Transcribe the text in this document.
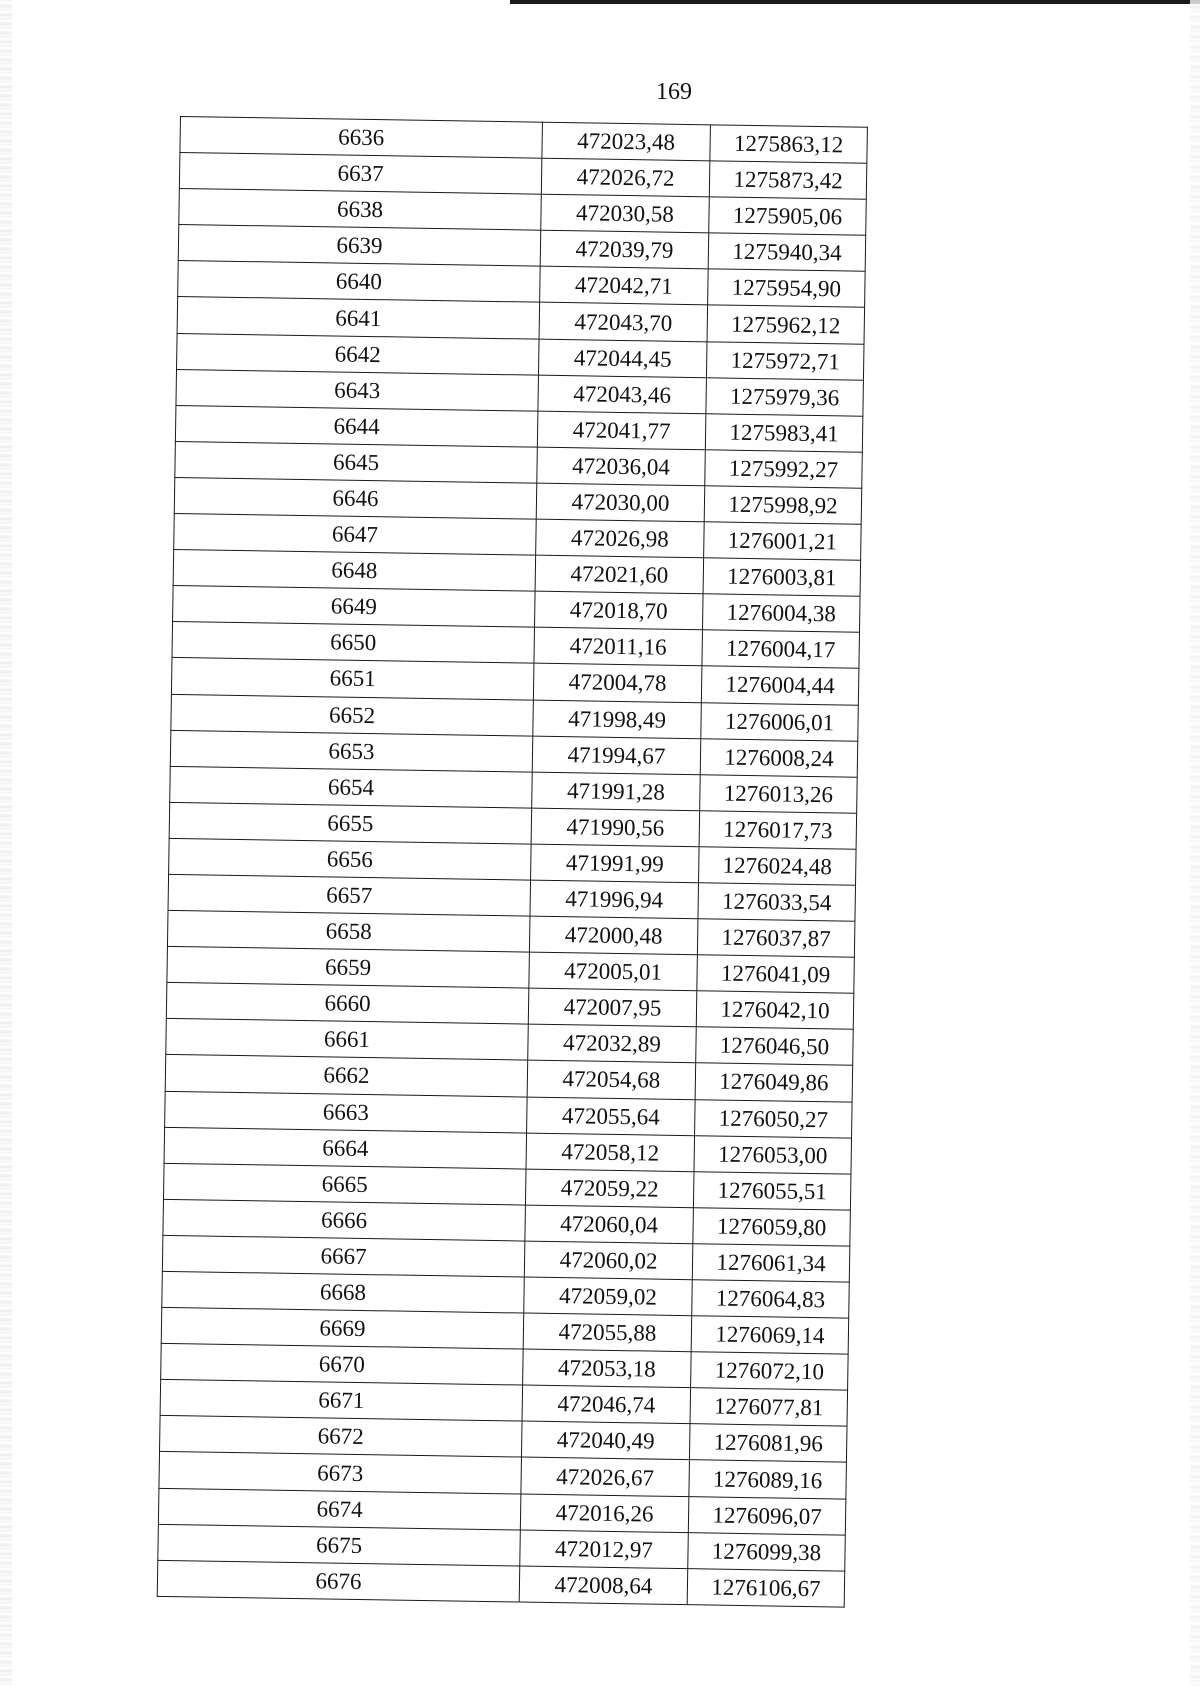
169
6636	472023,48	1275863,12
6637	472026,72	1275873,42
6638	472030,58	1275905,06
6639	472039,79	1275940,34
6640	472042,71	1275954,90
6641	472043,70	1275962,12
6642	472044,45	1275972,71
6643	472043,46	1275979,36
6644	472041,77	1275983,41
6645	472036,04	1275992,27
6646	472030,00	1275998,92
6647	472026,98	1276001,21
6648	472021,60	1276003,81
6649	472018,70	1276004,38
6650	472011,16	1276004,17
6651	472004,78	1276004,44
6652	471998,49	1276006,01
6653	471994,67	1276008,24
6654	471991,28	1276013,26
6655	471990,56	1276017,73
6656	471991,99	1276024,48
6657	471996,94	1276033,54
6658	472000,48	1276037,87
6659	472005,01	1276041,09
6660	472007,95	1276042,10
6661	472032,89	1276046,50
6662	472054,68	1276049,86
6663	472055,64	1276050,27
6664	472058,12	1276053,00
6665	472059,22	1276055,51
6666	472060,04	1276059,80
6667	472060,02	1276061,34
6668	472059,02	1276064,83
6669	472055,88	1276069,14
6670	472053,18	1276072,10
6671	472046,74	1276077,81
6672	472040,49	1276081,96
6673	472026,67	1276089,16
6674	472016,26	1276096,07
6675	472012,97	1276099,38
6676	472008,64	1276106,67
